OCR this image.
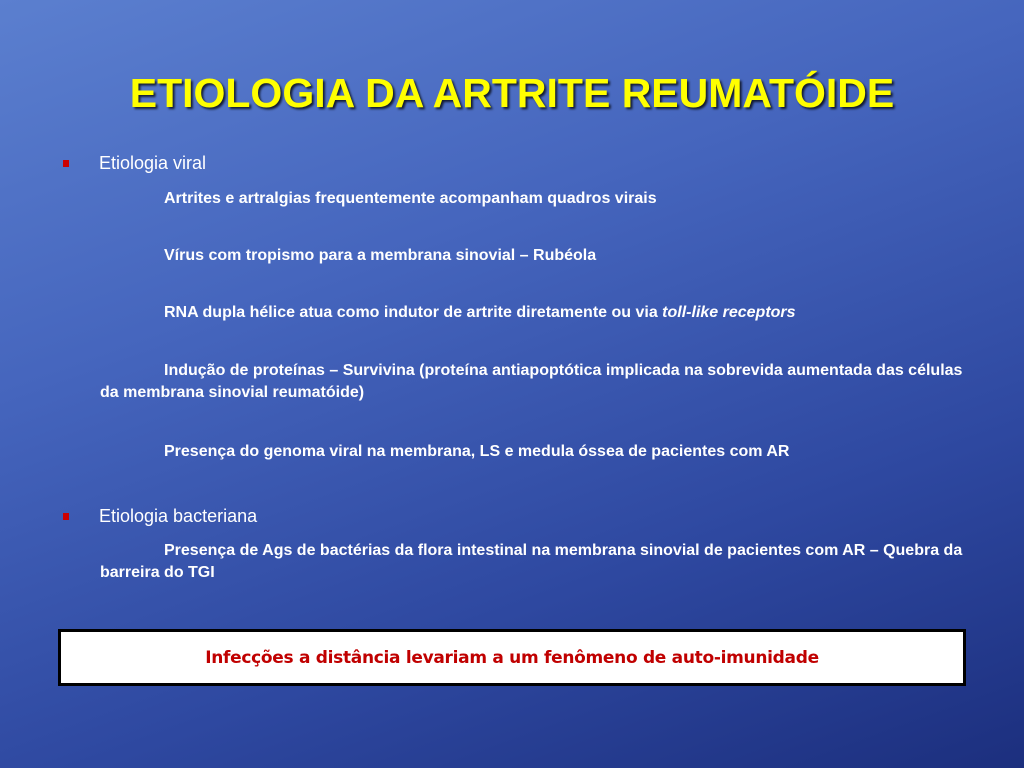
ETIOLOGIA DA ARTRITE REUMATÓIDE
Etiologia viral
Artrites e artralgias frequentemente acompanham quadros virais
Vírus com tropismo para a membrana sinovial – Rubéola
RNA dupla hélice atua como indutor de artrite diretamente ou via toll-like receptors
Indução de proteínas – Survivina (proteína antiapoptótica implicada na sobrevida aumentada das células da membrana sinovial reumatóide)
Presença do genoma viral na membrana, LS e medula óssea de pacientes com AR
Etiologia bacteriana
Presença de Ags de bactérias da flora intestinal na membrana sinovial de pacientes com AR – Quebra da barreira do TGI
Infecções a distância levariam a um fenômeno de auto-imunidade
